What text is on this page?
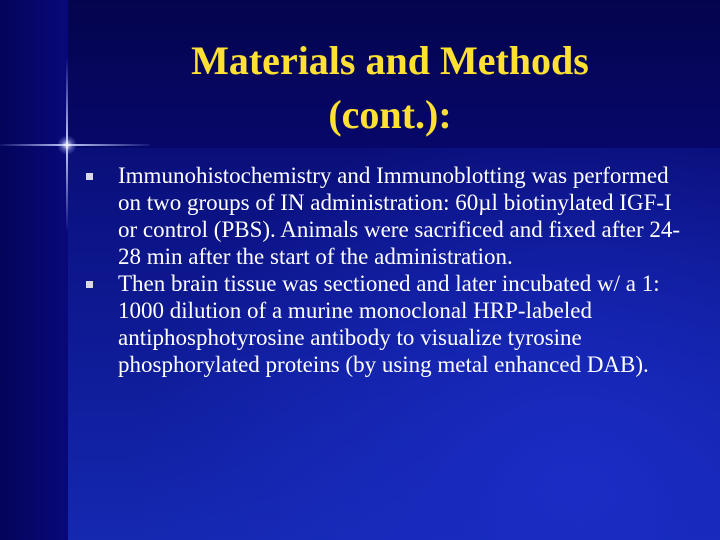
Materials and Methods
(cont.):
Immunohistochemistry and Immunoblotting was performed on two groups of IN administration: 60µl biotinylated IGF-I or control (PBS). Animals were sacrificed and fixed after 24-28 min after the start of the administration.
Then brain tissue was sectioned and later incubated w/ a 1: 1000 dilution of a murine monoclonal HRP-labeled antiphosphotyrosine antibody to visualize tyrosine phosphorylated proteins (by using metal enhanced DAB).
